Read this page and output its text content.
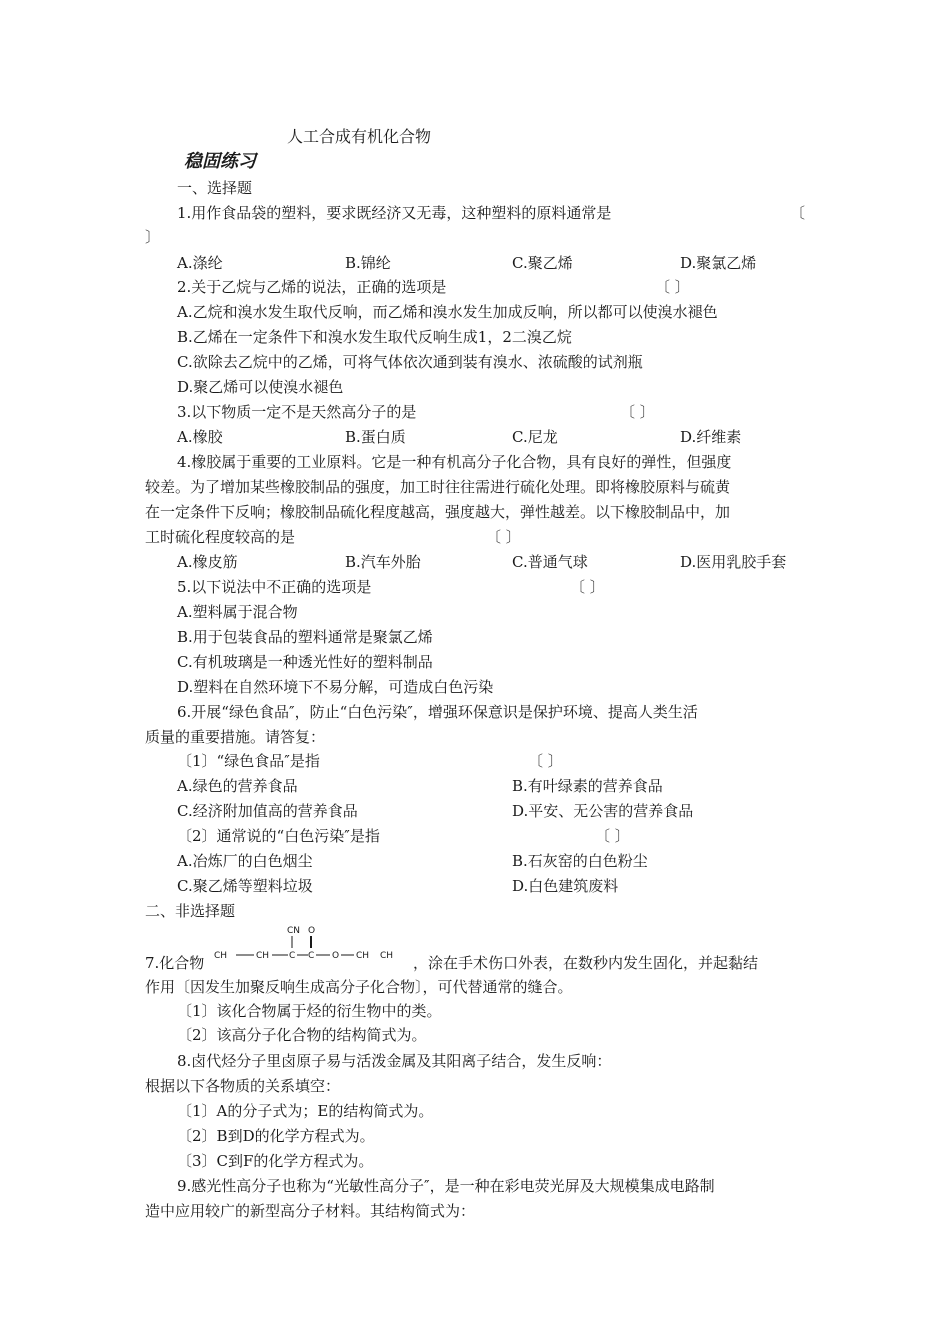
人工合成有机化合物
稳固练习
一、选择题
1.用作食品袋的塑料，要求既经济又无毒，这种塑料的原料通常是	〔
〕
A.涤纶	B.锦纶	C.聚乙烯	D.聚氯乙烯
2.关于乙烷与乙烯的说法，正确的选项是	〔 〕
A.乙烷和溴水发生取代反响，而乙烯和溴水发生加成反响，所以都可以使溴水褪色
B.乙烯在一定条件下和溴水发生取代反响生成1，2二溴乙烷
C.欲除去乙烷中的乙烯，可将气体依次通到装有溴水、浓硫酸的试剂瓶
D.聚乙烯可以使溴水褪色
3.以下物质一定不是天然高分子的是	〔 〕
A.橡胶	B.蛋白质	C.尼龙	D.纤维素
4.橡胶属于重要的工业原料。它是一种有机高分子化合物，具有良好的弹性，但强度
较差。为了增加某些橡胶制品的强度，加工时往往需进行硫化处理。即将橡胶原料与硫黄
在一定条件下反响；橡胶制品硫化程度越高，强度越大，弹性越差。以下橡胶制品中，加
工时硫化程度较高的是	〔 〕
A.橡皮筋	B.汽车外胎	C.普通气球	D.医用乳胶手套
5.以下说法中不正确的选项是	〔 〕
A.塑料属于混合物
B.用于包装食品的塑料通常是聚氯乙烯
C.有机玻璃是一种透光性好的塑料制品
D.塑料在自然环境下不易分解，可造成白色污染
6.开展“绿色食品″，防止“白色污染″，增强环保意识是保护环境、提高人类生活
质量的重要措施。请答复：
〔1〕“绿色食品″是指	〔 〕
A.绿色的营养食品	B.有叶绿素的营养食品
C.经济附加值高的营养食品	D.平安、无公害的营养食品
〔2〕通常说的“白色污染″是指	〔 〕
A.冶炼厂的白色烟尘	B.石灰窑的白色粉尘
C.聚乙烯等塑料垃圾	D.白色建筑废料
二、非选择题
7.化合物
CN O
CH	CH C C O CH CH ，涂在手术伤口外表，在数秒内发生固化，并起黏结
作用〔因发生加聚反响生成高分子化合物〕，可代替通常的缝合。
〔1〕该化合物属于烃的衍生物中的类。
〔2〕该高分子化合物的结构简式为。
8.卤代烃分子里卤原子易与活泼金属及其阳离子结合，发生反响：
根据以下各物质的关系填空：
〔1〕A的分子式为；E的结构简式为。
〔2〕B到D的化学方程式为。
〔3〕C到F的化学方程式为。
9.感光性高分子也称为“光敏性高分子″，是一种在彩电荧光屏及大规模集成电路制
造中应用较广的新型高分子材料。其结构简式为：
